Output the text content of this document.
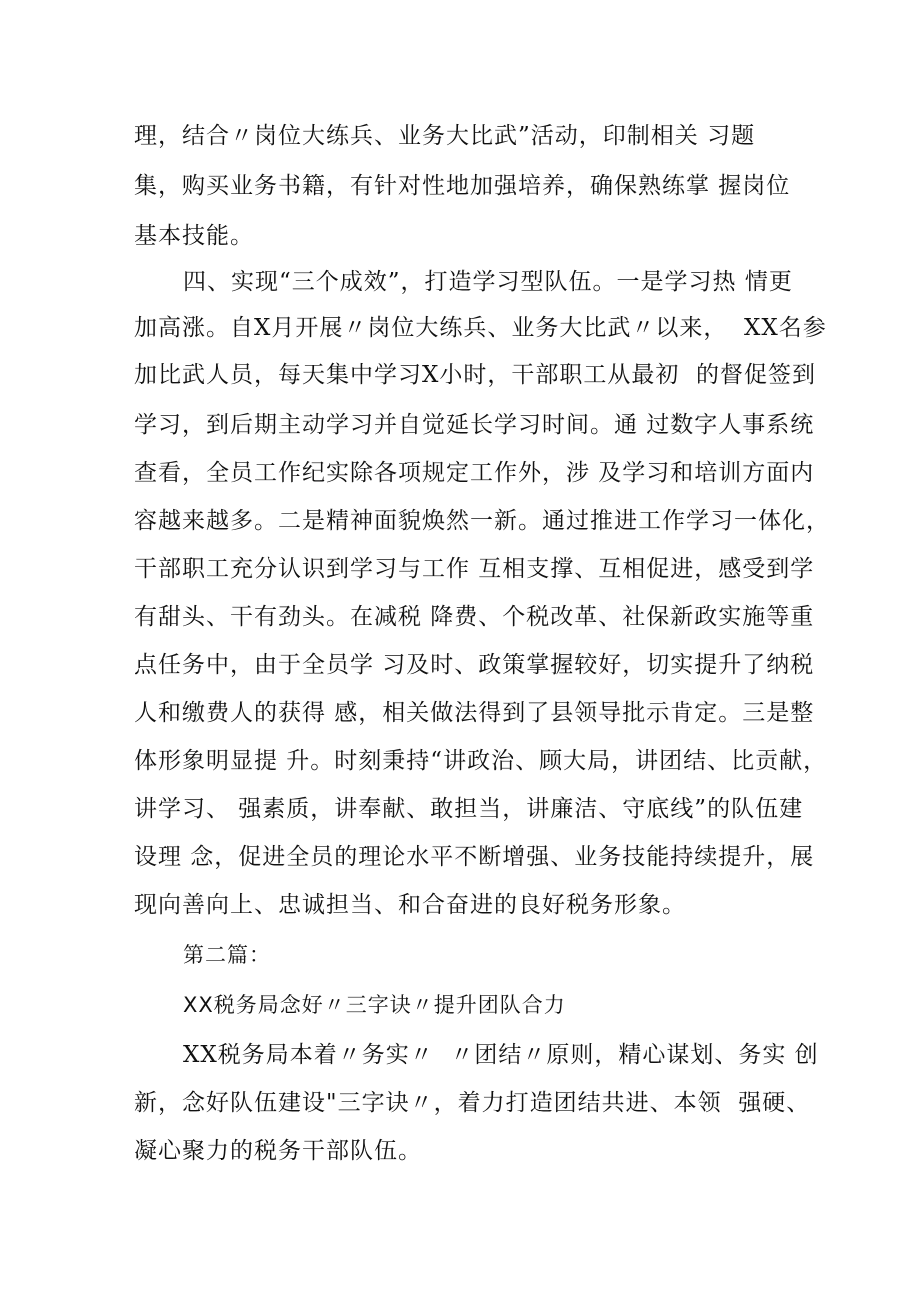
理，结合〃岗位大练兵、业务大比武”活动，印制相关 习题
集，购买业务书籍，有针对性地加强培养，确保熟练掌 握岗位
基本技能。
四、实现“三个成效”，打造学习型队伍。一是学习热 情更
加高涨。自X月开展〃岗位大练兵、业务大比武〃以来，  XX名参
加比武人员，每天集中学习X小时，干部职工从最初  的督促签到
学习，到后期主动学习并自觉延长学习时间。通 过数字人事系统
查看，全员工作纪实除各项规定工作外，涉 及学习和培训方面内
容越来越多。二是精神面貌焕然一新。通过推进工作学习一体化，
干部职工充分认识到学习与工作 互相支撑、互相促进，感受到学
有甜头、干有劲头。在减税 降费、个税改革、社保新政实施等重
点任务中，由于全员学 习及时、政策掌握较好，切实提升了纳税
人和缴费人的获得 感，相关做法得到了县领导批示肯定。三是整
体形象明显提 升。时刻秉持“讲政治、顾大局，讲团结、比贡献，
讲学习、 强素质，讲奉献、敢担当，讲廉洁、守底线”的队伍建
设理 念，促进全员的理论水平不断增强、业务技能持续提升，展
现向善向上、忠诚担当、和合奋进的良好税务形象。
第二篇：
XX税务局念好〃三字诀〃提升团队合力
XX税务局本着〃务实〃  〃团结〃原则，精心谋划、务实 创
新，念好队伍建设"三字诀〃，着力打造团结共进、本领  强硬、
凝心聚力的税务干部队伍。
